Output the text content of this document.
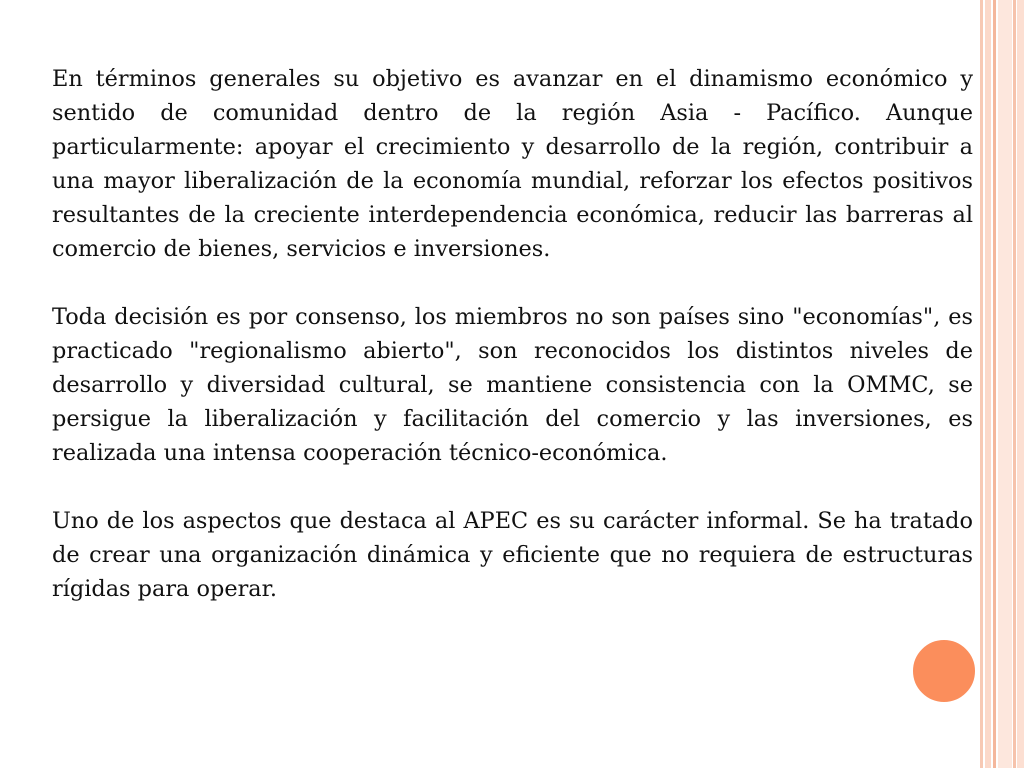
En términos generales su objetivo es avanzar en el dinamismo económico y sentido de comunidad dentro de la región Asia - Pacífico. Aunque particularmente: apoyar el crecimiento y desarrollo de la región, contribuir a una mayor liberalización de la economía mundial, reforzar los efectos positivos resultantes de la creciente interdependencia económica, reducir las barreras al comercio de bienes, servicios e inversiones.

Toda decisión es por consenso, los miembros no son países sino "economías", es practicado "regionalismo abierto", son reconocidos los distintos niveles de desarrollo y diversidad cultural, se mantiene consistencia con la OMMC, se persigue la liberalización y facilitación del comercio y las inversiones, es realizada una intensa cooperación técnico-económica.

Uno de los aspectos que destaca al APEC es su carácter informal. Se ha tratado de crear una organización dinámica y eficiente que no requiera de estructuras rígidas para operar.
